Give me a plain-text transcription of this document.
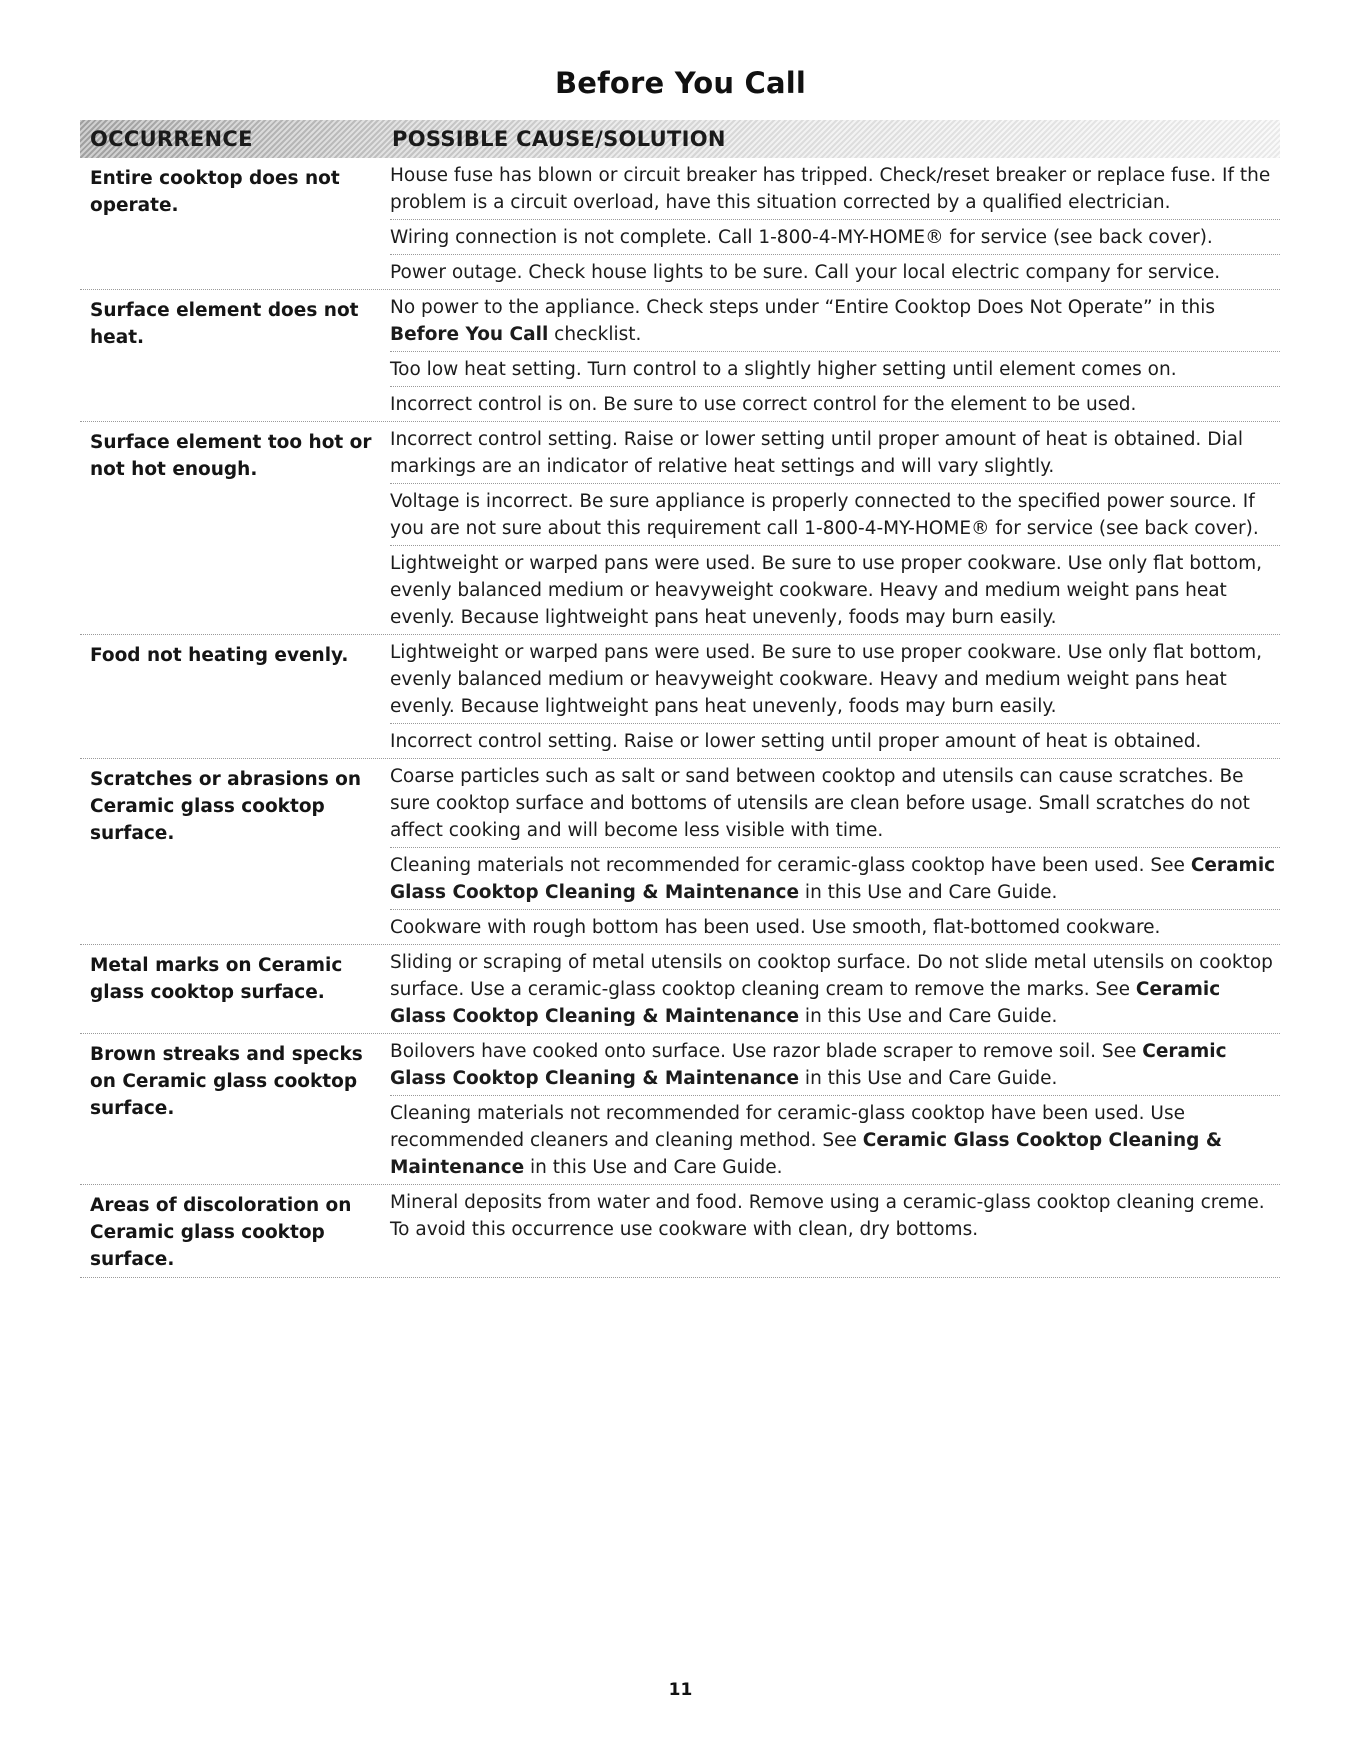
Before You Call
OCCURRENCE	POSSIBLE CAUSE/SOLUTION
Entire cooktop does not operate.
House fuse has blown or circuit breaker has tripped. Check/reset breaker or replace fuse. If the problem is a circuit overload, have this situation corrected by a qualified electrician.
Wiring connection is not complete. Call 1-800-4-MY-HOME® for service (see back cover).
Power outage. Check house lights to be sure. Call your local electric company for service.
Surface element does not heat.
No power to the appliance. Check steps under “Entire Cooktop Does Not Operate” in this Before You Call checklist.
Too low heat setting. Turn control to a slightly higher setting until element comes on.
Incorrect control is on. Be sure to use correct control for the element to be used.
Surface element too hot or not hot enough.
Incorrect control setting. Raise or lower setting until proper amount of heat is obtained. Dial markings are an indicator of relative heat settings and will vary slightly.
Voltage is incorrect. Be sure appliance is properly connected to the specified power source. If you are not sure about this requirement call 1-800-4-MY-HOME® for service (see back cover).
Lightweight or warped pans were used. Be sure to use proper cookware. Use only flat bottom, evenly balanced medium or heavyweight cookware. Heavy and medium weight pans heat evenly. Because lightweight pans heat unevenly, foods may burn easily.
Food not heating evenly.	Lightweight or warped pans were used. Be sure to use proper cookware. Use only flat bottom, evenly balanced medium or heavyweight cookware. Heavy and medium weight pans heat evenly. Because lightweight pans heat unevenly, foods may burn easily.
Incorrect control setting. Raise or lower setting until proper amount of heat is obtained.
Scratches or abrasions on Ceramic glass cooktop surface.
Coarse particles such as salt or sand between cooktop and utensils can cause scratches. Be sure cooktop surface and bottoms of utensils are clean before usage. Small scratches do not affect cooking and will become less visible with time.
Cleaning materials not recommended for ceramic-glass cooktop have been used. See Ceramic Glass Cooktop Cleaning & Maintenance in this Use and Care Guide.
Cookware with rough bottom has been used. Use smooth, flat-bottomed cookware.
Metal marks on Ceramic glass cooktop surface.
Sliding or scraping of metal utensils on cooktop surface. Do not slide metal utensils on cooktop surface. Use a ceramic-glass cooktop cleaning cream to remove the marks. See Ceramic Glass Cooktop Cleaning & Maintenance in this Use and Care Guide.
Brown streaks and specks on Ceramic glass cooktop surface.
Boilovers have cooked onto surface. Use razor blade scraper to remove soil. See Ceramic Glass Cooktop Cleaning & Maintenance in this Use and Care Guide.
Cleaning materials not recommended for ceramic-glass cooktop have been used. Use recommended cleaners and cleaning method. See Ceramic Glass Cooktop Cleaning & Maintenance in this Use and Care Guide.
Areas of discoloration on Ceramic glass cooktop surface.
Mineral deposits from water and food. Remove using a ceramic-glass cooktop cleaning creme. To avoid this occurrence use cookware with clean, dry bottoms.
11
